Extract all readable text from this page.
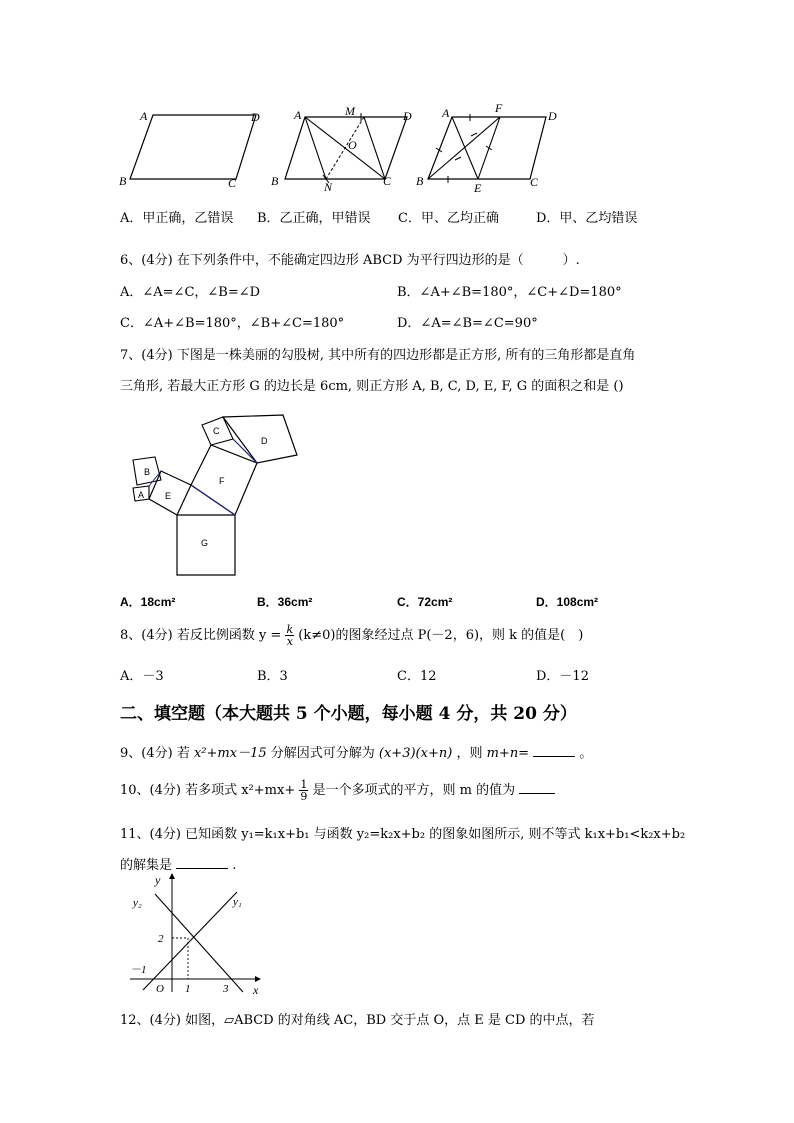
A	D
B	C
A	M	D
O
B	N	C
A	F
D
B	E	C
A．甲正确，乙错误 B．乙正确，甲错误 C．甲、乙均正确	D．甲、乙均错误
6、(4分) 在下列条件中，不能确定四边形 ABCD 为平行四边形的是（　　　）.
A．∠A=∠C，∠B=∠D	B．∠A+∠B=180°，∠C+∠D=180°
C．∠A+∠B=180°，∠B+∠C=180°	D．∠A=∠B=∠C=90°
7、(4分) 下图是一株美丽的勾股树, 其中所有的四边形都是正方形, 所有的三角形都是直角
三角形, 若最大正方形 G 的边长是 6cm, 则正方形 A, B, C, D, E, F, G 的面积之和是 ()
A
B
C
D
E
F
G
A．18cm²	B．36cm²	C．72cm²	D．108cm²
8、(4分) 若反比例函数 $y = \frac{k}{x} (k\ne 0)$的图象经过点 P(－2，6)，则 k 的值是(　)
A．－3	B．3	C．12	D．－12
二、填空题（本大题共 5 个小题，每小题 4 分，共 20 分）
9、(4分) 若 x²+mx－15 分解因式可分解为 (x+3)(x+n) ，则 m+n=	。
10、(4分) 若多项式 $x^2+mx+ \frac{1}{9}$ 是一个多项式的平方，则 m 的值为
11、(4分) 已知函数 y₁=k₁x+b₁ 与函数 y₂=k₂x+b₂ 的图象如图所示, 则不等式 k₁x+b₁<k₂x+b₂
的解集是	.
y
x
y₂	y₁
2
－1
O 1	3
12、(4分) 如图，▱ABCD 的对角线 AC，BD 交于点 O，点 E 是 CD 的中点，若
